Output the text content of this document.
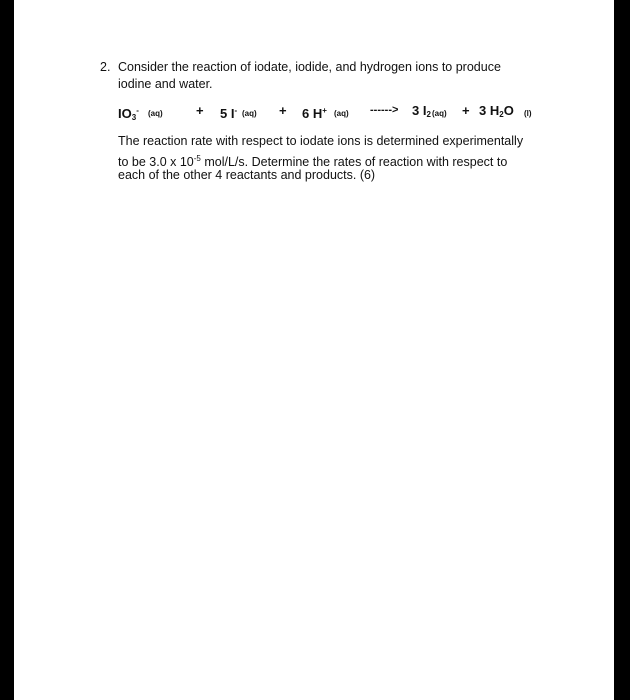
2. Consider the reaction of iodate, iodide, and hydrogen ions to produce
iodine and water.
$IO_3^-$ (aq)	+ 5 I- (aq) + 6 H+ (aq) ------> 3 $I_2$ (aq) + 3 $H_2O$ (l)
The reaction rate with respect to iodate ions is determined experimentally
to be 3.0 x $10^{-5}$ mol/L/s. Determine the rates of reaction with respect to
each of the other 4 reactants and products. (6)
